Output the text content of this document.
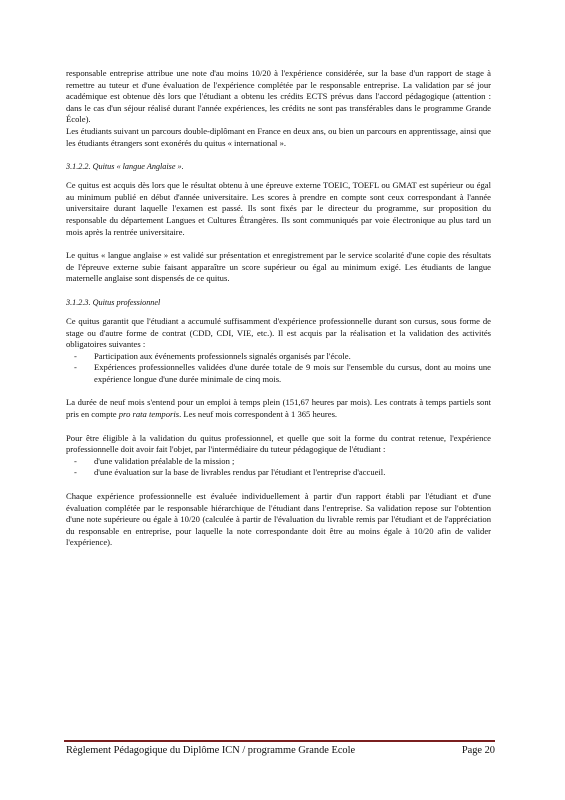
responsable entreprise attribue une note d'au moins 10/20 à l'expérience considérée, sur la base d'un rapport de stage à remettre au tuteur et d'une évaluation de l'expérience complétée par le responsable entreprise. La validation par sé jour académique est obtenue dès lors que l'étudiant a obtenu les crédits ECTS prévus dans l'accord pédagogique (attention : dans le cas d'un séjour réalisé durant l'année expériences, les crédits ne sont pas transférables dans le programme Grande École).

Les étudiants suivant un parcours double-diplômant en France en deux ans, ou bien un parcours en apprentissage, ainsi que les étudiants étrangers sont exonérés du quitus « international ».

3.1.2.2. Quitus « langue Anglaise ».

Ce quitus est acquis dès lors que le résultat obtenu à une épreuve externe TOEIC, TOEFL ou GMAT est supérieur ou égal au minimum publié en début d'année universitaire. Les scores à prendre en compte sont ceux correspondant à l'année universitaire durant laquelle l'examen est passé. Ils sont fixés par le directeur du programme, sur proposition du responsable du département Langues et Cultures Étrangères. Ils sont communiqués par voie électronique au plus tard un mois après la rentrée universitaire.

Le quitus « langue anglaise » est validé sur présentation et enregistrement par le service scolarité d'une copie des résultats de l'épreuve externe subie faisant apparaître un score supérieur ou égal au minimum exigé. Les étudiants de langue maternelle anglaise sont dispensés de ce quitus.

3.1.2.3. Quitus professionnel

Ce quitus garantit que l'étudiant a accumulé suffisamment d'expérience professionnelle durant son cursus, sous forme de stage ou d'autre forme de contrat (CDD, CDI, VIE, etc.). Il est acquis par la réalisation et la validation des activités obligatoires suivantes :

- Participation aux événements professionnels signalés organisés par l'école.
- Expériences professionnelles validées d'une durée totale de 9 mois sur l'ensemble du cursus, dont au moins une expérience longue d'une durée minimale de cinq mois.

La durée de neuf mois s'entend pour un emploi à temps plein (151,67 heures par mois). Les contrats à temps partiels sont pris en compte pro rata temporis. Les neuf mois correspondent à 1 365 heures.

Pour être éligible à la validation du quitus professionnel, et quelle que soit la forme du contrat retenue, l'expérience professionnelle doit avoir fait l'objet, par l'intermédiaire du tuteur pédagogique de l'étudiant :

- d'une validation préalable de la mission ;
- d'une évaluation sur la base de livrables rendus par l'étudiant et l'entreprise d'accueil.

Chaque expérience professionnelle est évaluée individuellement à partir d'un rapport établi par l'étudiant et d'une évaluation complétée par le responsable hiérarchique de l'étudiant dans l'entreprise. Sa validation repose sur l'obtention d'une note supérieure ou égale à 10/20 (calculée à partir de l'évaluation du livrable remis par l'étudiant et de l'appréciation du responsable en entreprise, pour laquelle la note correspondante doit être au moins égale à 10/20 afin de valider l'expérience).

Règlement Pédagogique du Diplôme ICN / programme Grande Ecole	Page 20
